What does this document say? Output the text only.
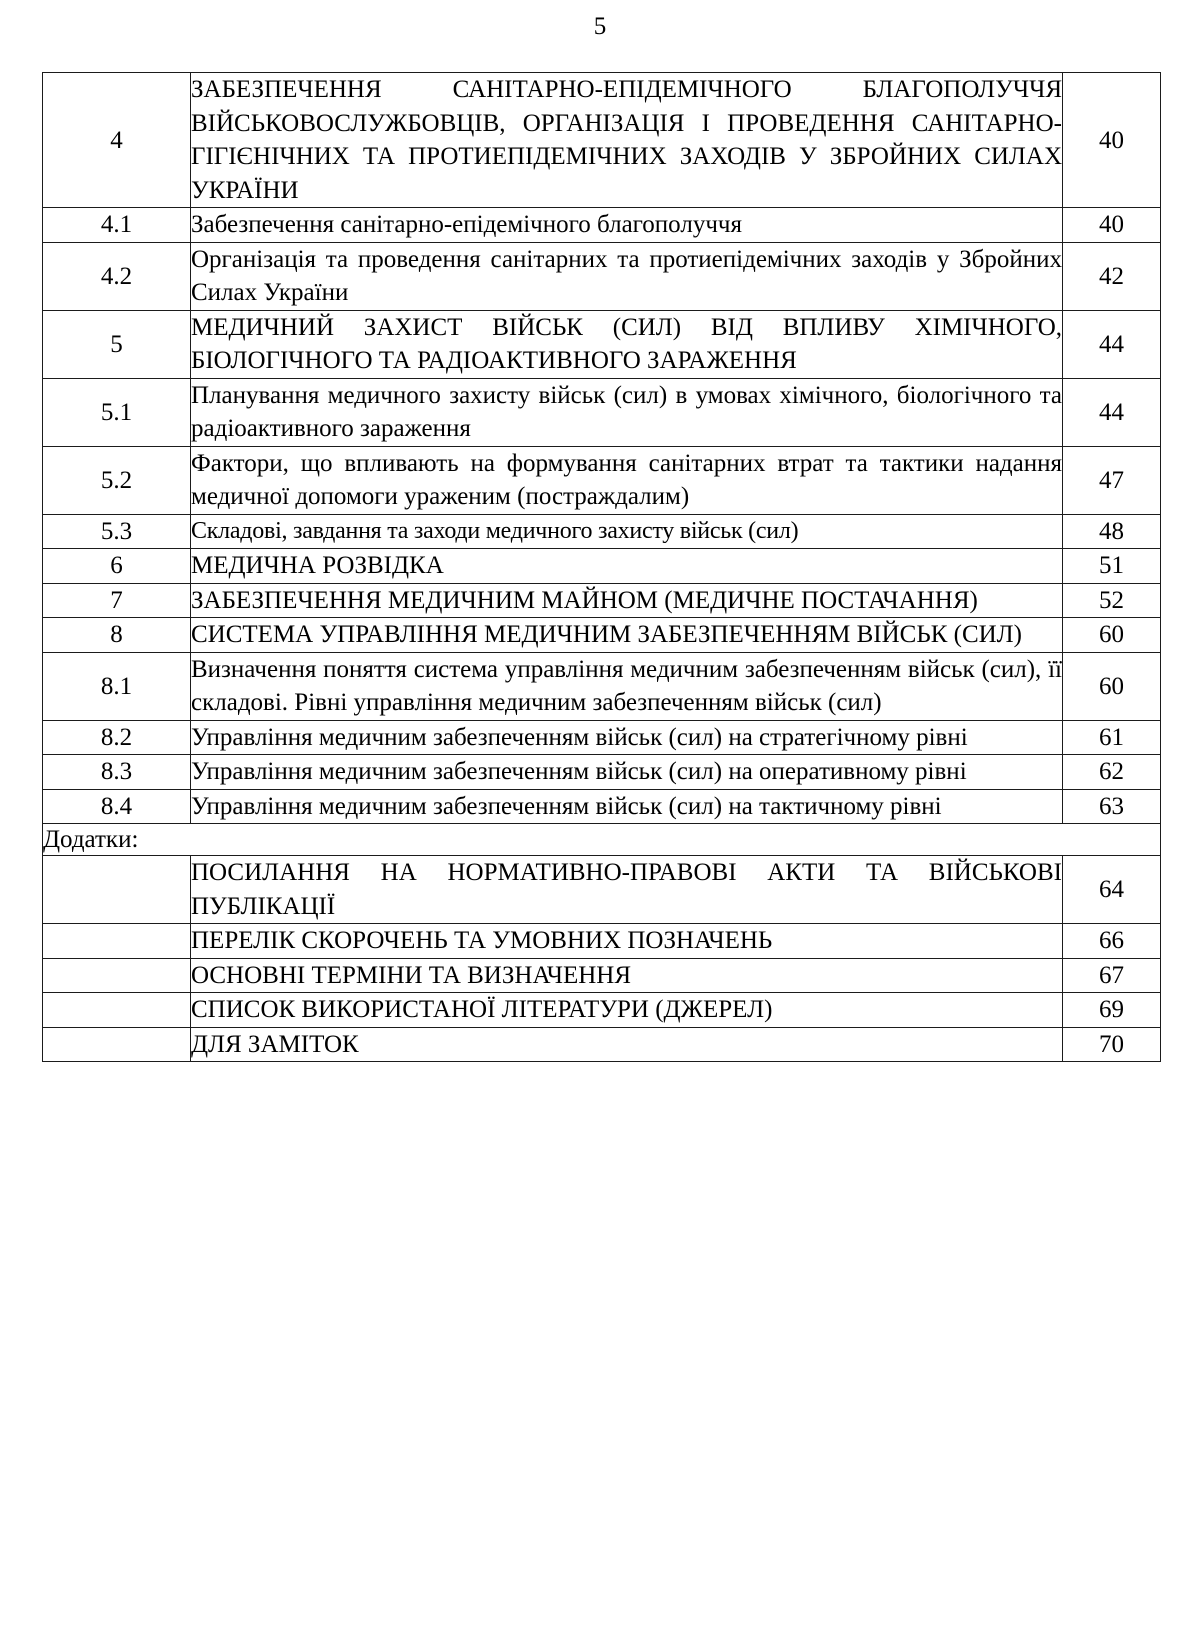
5
4	ЗАБЕЗПЕЧЕННЯ САНІТАРНО-ЕПІДЕМІЧНОГО БЛАГОПОЛУЧЧЯ ВІЙСЬКОВОСЛУЖБОВЦІВ, ОРГАНІЗАЦІЯ І ПРОВЕДЕННЯ САНІТАРНО-ГІГІЄНІЧНИХ ТА ПРОТИЕПІДЕМІЧНИХ ЗАХОДІВ У ЗБРОЙНИХ СИЛАХ УКРАЇНИ	40
4.1	Забезпечення санітарно-епідемічного благополуччя	40
4.2	Організація та проведення санітарних та протиепідемічних заходів у Збройних Силах України	42
5	МЕДИЧНИЙ ЗАХИСТ ВІЙСЬК (СИЛ) ВІД ВПЛИВУ ХІМІЧНОГО, БІОЛОГІЧНОГО ТА РАДІОАКТИВНОГО ЗАРАЖЕННЯ	44
5.1	Планування медичного захисту військ (сил) в умовах хімічного, біологічного та радіоактивного зараження	44
5.2	Фактори, що впливають на формування санітарних втрат та тактики надання медичної допомоги ураженим (постраждалим)	47
5.3	Складові, завдання та заходи медичного захисту військ (сил)	48
6	МЕДИЧНА РОЗВІДКА	51
7	ЗАБЕЗПЕЧЕННЯ МЕДИЧНИМ МАЙНОМ (МЕДИЧНЕ ПОСТАЧАННЯ)	52
8	СИСТЕМА УПРАВЛІННЯ МЕДИЧНИМ ЗАБЕЗПЕЧЕННЯМ ВІЙСЬК (СИЛ)	60
8.1	Визначення поняття система управління медичним забезпеченням військ (сил), її складові. Рівні управління медичним забезпеченням військ (сил)	60
8.2	Управління медичним забезпеченням військ (сил) на стратегічному рівні	61
8.3	Управління медичним забезпеченням військ (сил) на оперативному рівні	62
8.4	Управління медичним забезпеченням військ (сил) на тактичному рівні	63
Додатки:		
	ПОСИЛАННЯ НА НОРМАТИВНО-ПРАВОВІ АКТИ ТА ВІЙСЬКОВІ ПУБЛІКАЦІЇ	64
	ПЕРЕЛІК СКОРОЧЕНЬ ТА УМОВНИХ ПОЗНАЧЕНЬ	66
	ОСНОВНІ ТЕРМІНИ ТА ВИЗНАЧЕННЯ	67
	СПИСОК ВИКОРИСТАНОЇ ЛІТЕРАТУРИ (ДЖЕРЕЛ)	69
	ДЛЯ ЗАМІТОК	70
